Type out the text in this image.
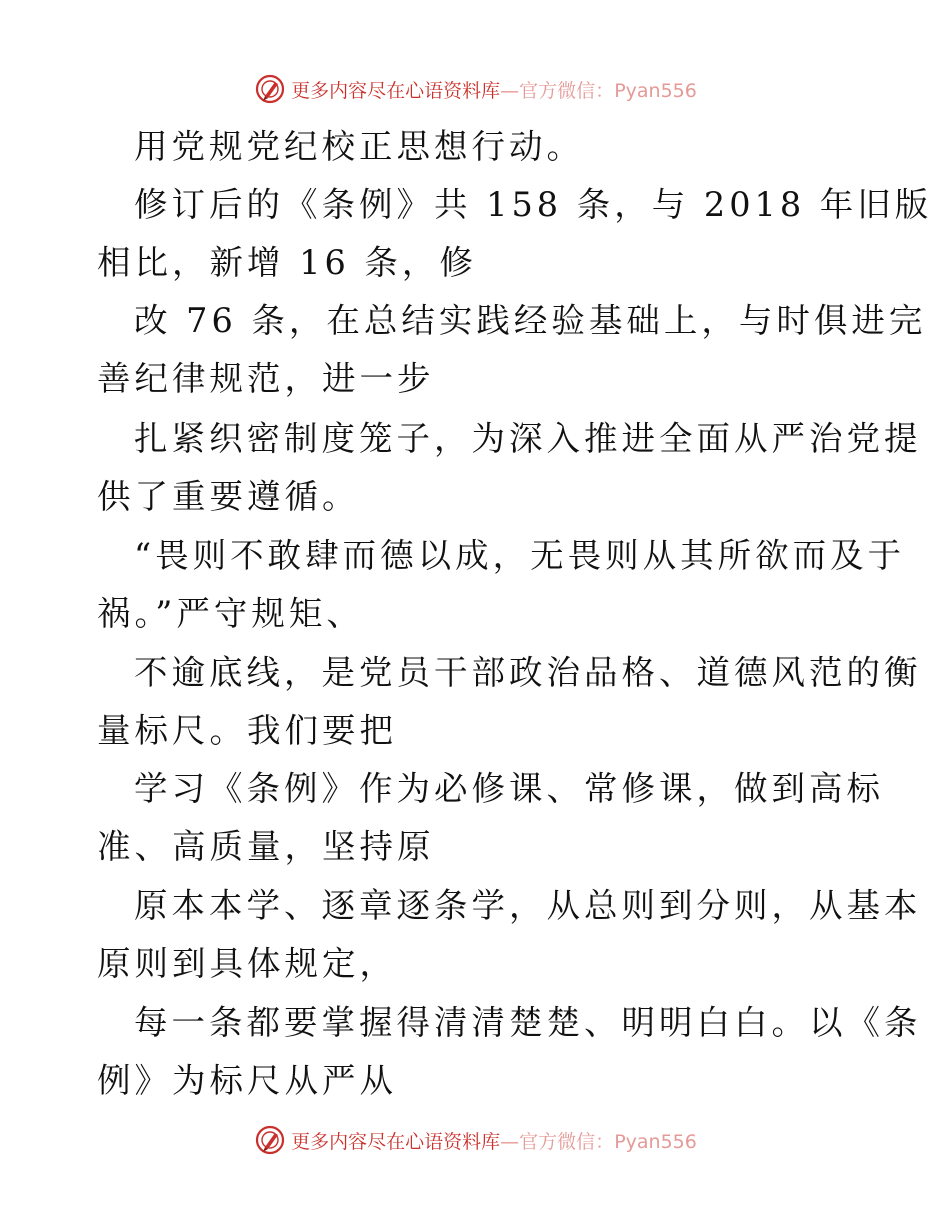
更多内容尽在心语资料库—官方微信：Pyan556
用党规党纪校正思想行动。
修订后的《条例》共 158 条，与 2018 年旧版
相比，新增 16 条，修
改 76 条，在总结实践经验基础上，与时俱进完
善纪律规范，进一步
扎紧织密制度笼子，为深入推进全面从严治党提
供了重要遵循。
“畏则不敢肆而德以成，无畏则从其所欲而及于
祸。”严守规矩、
不逾底线，是党员干部政治品格、道德风范的衡
量标尺。我们要把
学习《条例》作为必修课、常修课，做到高标
准、高质量，坚持原
原本本学、逐章逐条学，从总则到分则，从基本
原则到具体规定，
每一条都要掌握得清清楚楚、明明白白。以《条
例》为标尺从严从
更多内容尽在心语资料库—官方微信：Pyan556
